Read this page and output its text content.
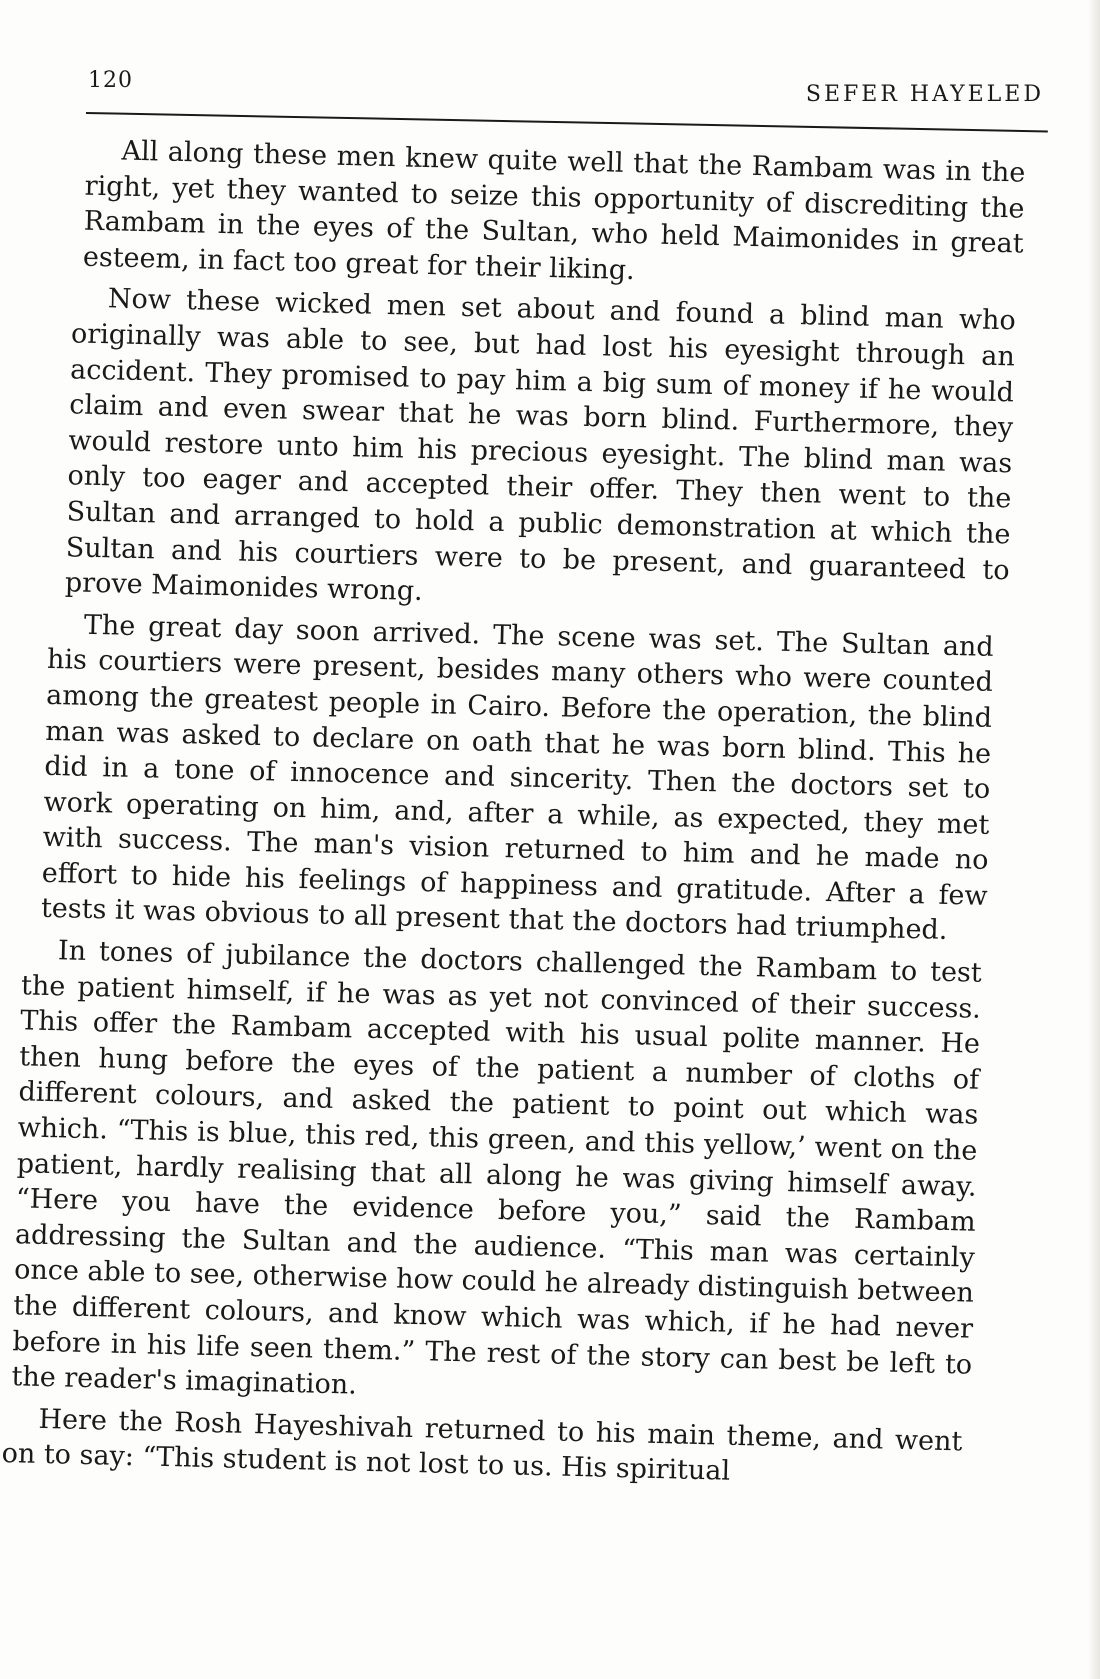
120
SEFER HAYELED

All along these men knew quite well that the Rambam was in the right, yet they wanted to seize this opportunity of discrediting the Rambam in the eyes of the Sultan, who held Maimonides in great esteem, in fact too great for their liking.

Now these wicked men set about and found a blind man who originally was able to see, but had lost his eyesight through an accident. They promised to pay him a big sum of money if he would claim and even swear that he was born blind. Furthermore, they would restore unto him his precious eyesight. The blind man was only too eager and accepted their offer. They then went to the Sultan and arranged to hold a public demonstration at which the Sultan and his courtiers were to be present, and guaranteed to prove Maimonides wrong.

The great day soon arrived. The scene was set. The Sultan and his courtiers were present, besides many others who were counted among the greatest people in Cairo. Before the operation, the blind man was asked to declare on oath that he was born blind. This he did in a tone of innocence and sincerity. Then the doctors set to work operating on him, and, after a while, as expected, they met with success. The man's vision returned to him and he made no effort to hide his feelings of happiness and gratitude. After a few tests it was obvious to all present that the doctors had triumphed.

In tones of jubilance the doctors challenged the Rambam to test the patient himself, if he was as yet not convinced of their success. This offer the Rambam accepted with his usual polite manner. He then hung before the eyes of the patient a number of cloths of different colours, and asked the patient to point out which was which. “This is blue, this red, this green, and this yellow,’ went on the patient, hardly realising that all along he was giving himself away. “Here you have the evidence before you,” said the Rambam addressing the Sultan and the audience. “This man was certainly once able to see, otherwise how could he already distinguish between the different colours, and know which was which, if he had never before in his life seen them.” The rest of the story can best be left to the reader's imagination.

Here the Rosh Hayeshivah returned to his main theme, and went on to say: “This student is not lost to us. His spiritual
